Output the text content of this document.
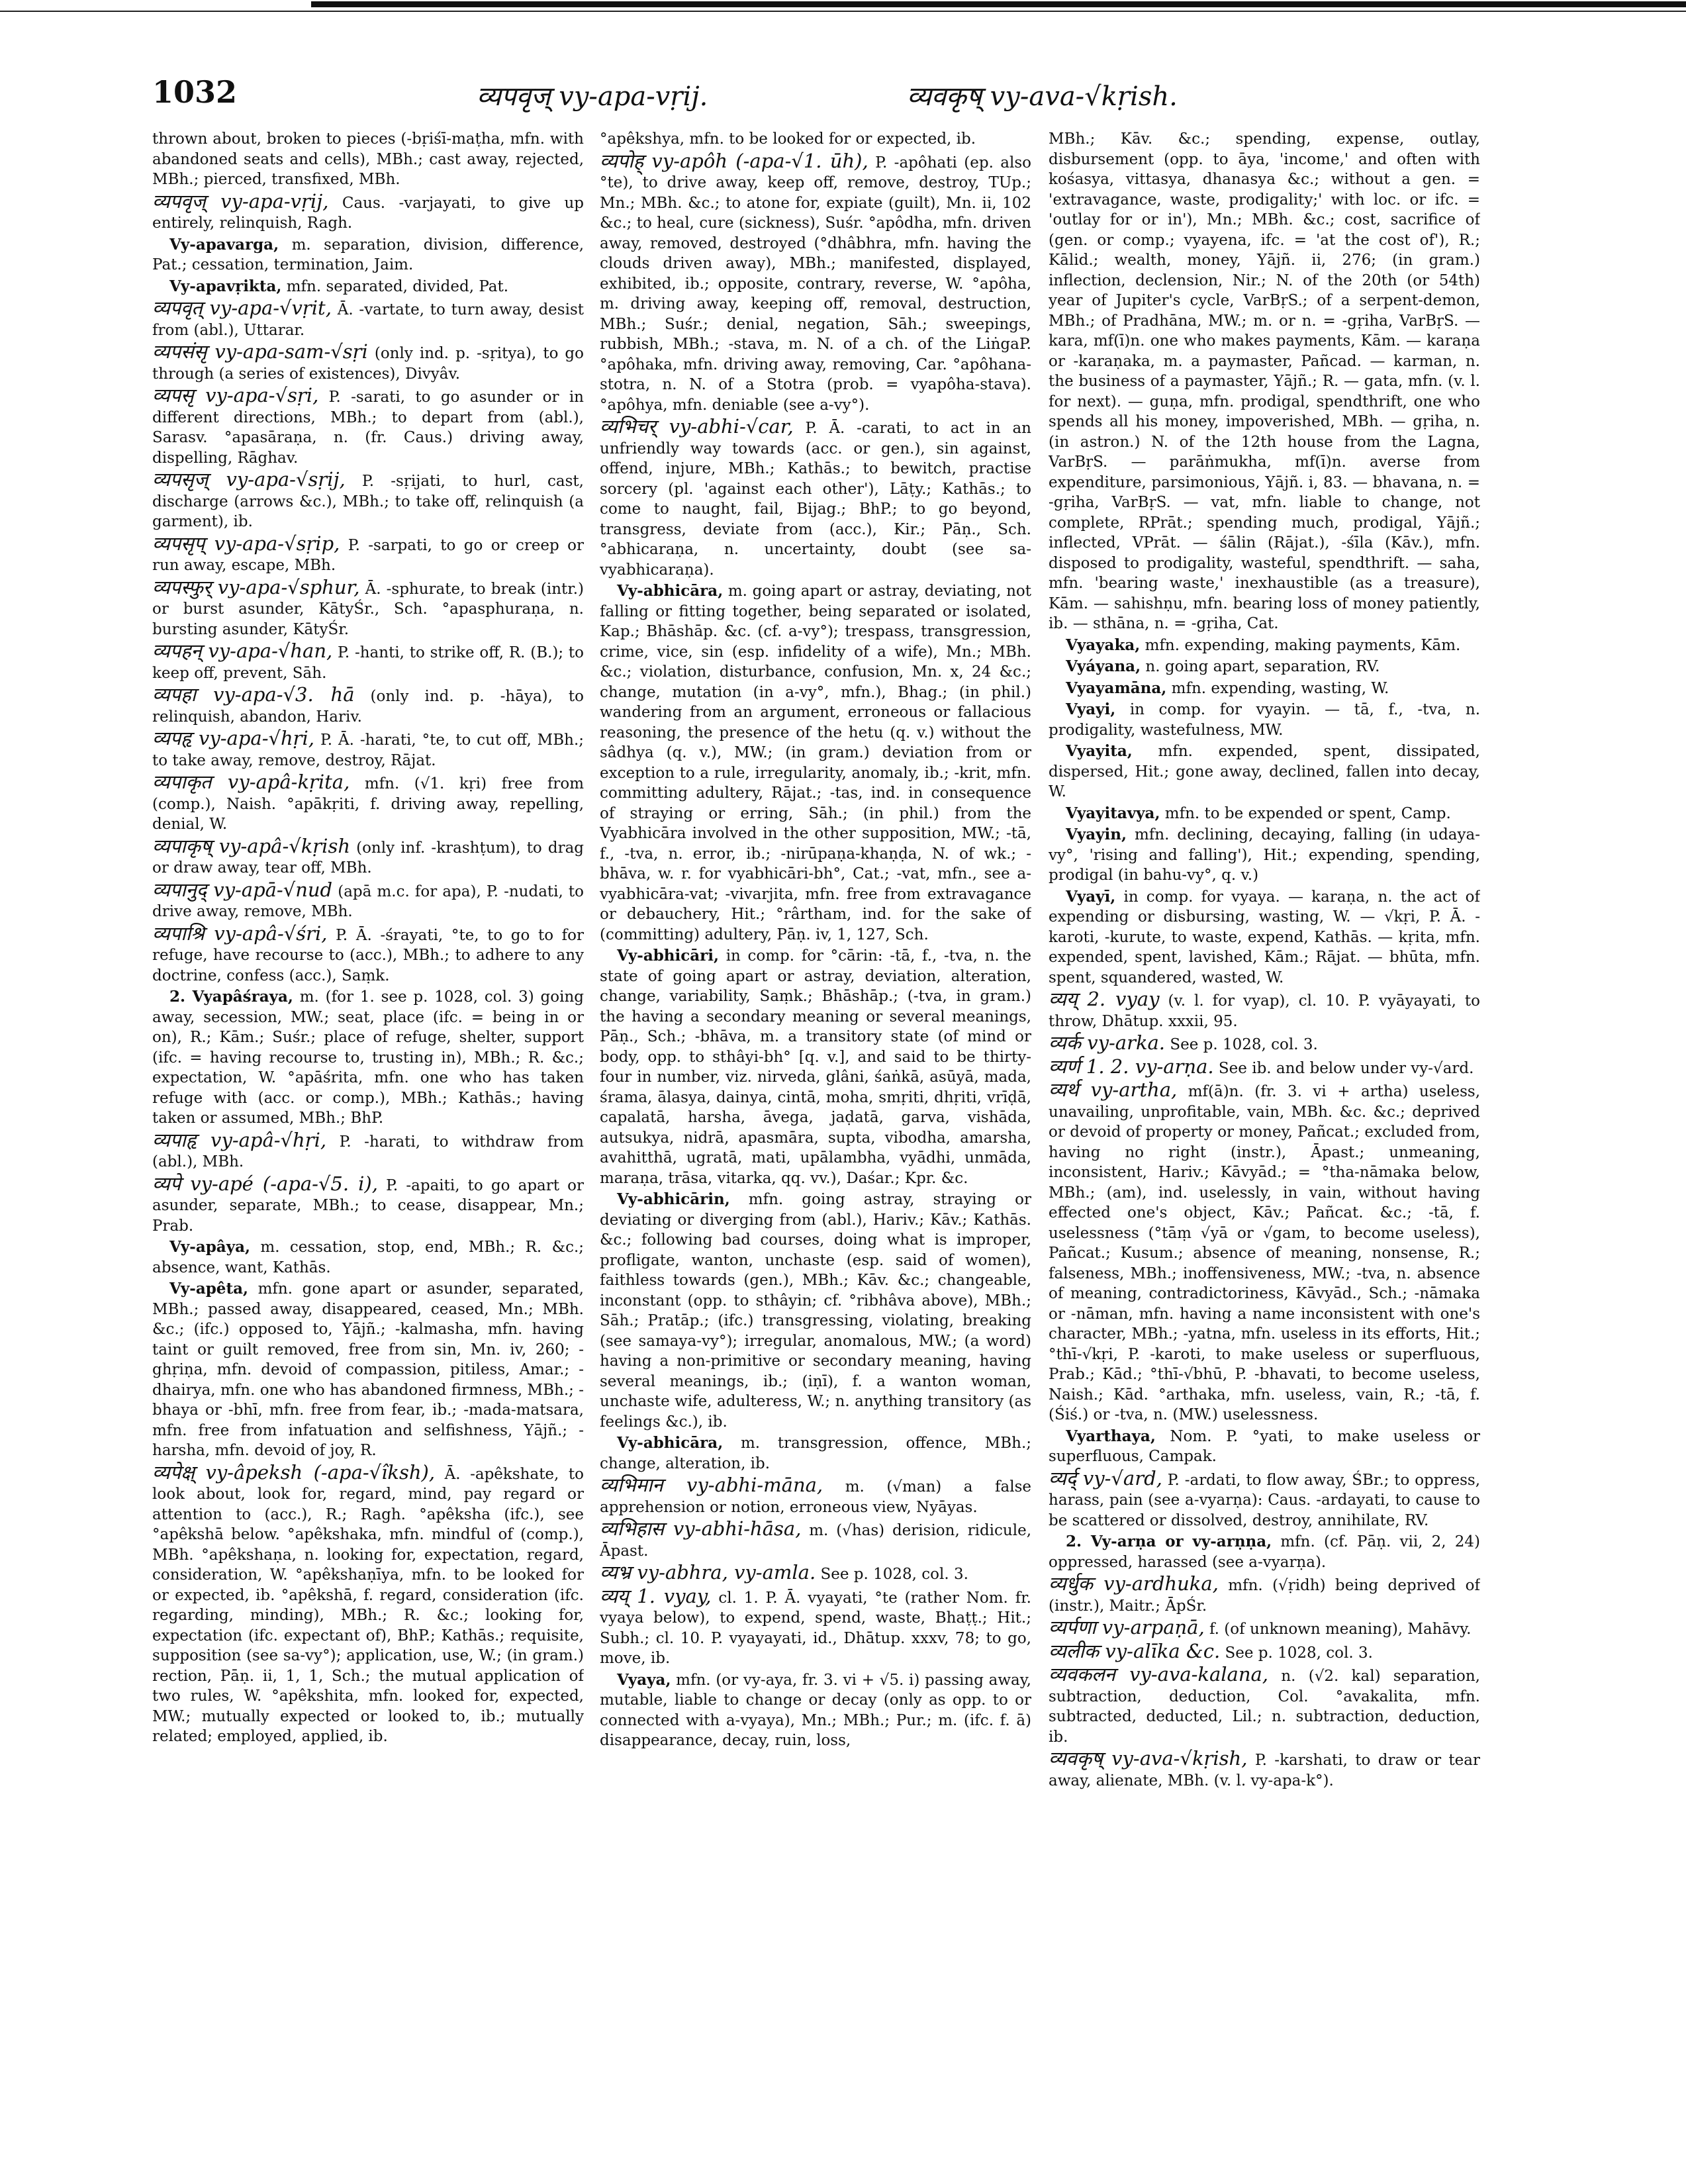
1032	व्यपवृज् vy-apa-vṛij.	व्यवकृष् vy-ava-√kṛish.

thrown about, broken to pieces (-bṛiśī-maṭha, mfn. with abandoned seats and cells), MBh.; cast away, rejected, MBh.; pierced, transfixed, MBh.

व्यपवृज् vy-apa-vṛij, Caus. -varjayati, to give up entirely, relinquish, Ragh.

Vy-apavarga, m. separation, division, difference, Pat.; cessation, termination, Jaim.

Vy-apavṛikta, mfn. separated, divided, Pat.

व्यपवृत् vy-apa-√vṛit, Ā. -vartate, to turn away, desist from (abl.), Uttarar.

व्यपसंसृ vy-apa-sam-√sṛi (only ind. p. -sṛitya), to go through (a series of existences), Divyâv.

व्यपसृ vy-apa-√sṛi, P. -sarati, to go asunder or in different directions, MBh.; to depart from (abl.), Sarasv. °apasāraṇa, n. (fr. Caus.) driving away, dispelling, Rāghav.

व्यपसृज् vy-apa-√sṛij, P. -sṛijati, to hurl, cast, discharge (arrows &c.), MBh.; to take off, relinquish (a garment), ib.

व्यपसृप् vy-apa-√sṛip, P. -sarpati, to go or creep or run away, escape, MBh.

व्यपस्फुर् vy-apa-√sphur, Ā. -sphurate, to break (intr.) or burst asunder, KātyŚr., Sch. °apasphuraṇa, n. bursting asunder, KātyŚr.

व्यपहन् vy-apa-√han, P. -hanti, to strike off, R. (B.); to keep off, prevent, Sāh.

व्यपहा vy-apa-√3. hā (only ind. p. -hāya), to relinquish, abandon, Hariv.

व्यपहृ vy-apa-√hṛi, P. Ā. -harati, °te, to cut off, MBh.; to take away, remove, destroy, Rājat.

व्यपाकृत vy-apâ-kṛita, mfn. (√1. kṛi) free from (comp.), Naish. °apākṛiti, f. driving away, repelling, denial, W.

व्यपाकृष् vy-apâ-√kṛish (only inf. -krashṭum), to drag or draw away, tear off, MBh.

व्यपानुद् vy-apā-√nud (apā m.c. for apa), P. -nudati, to drive away, remove, MBh.

व्यपाश्रि vy-apâ-√śri, P. Ā. -śrayati, °te, to go to for refuge, have recourse to (acc.), MBh.; to adhere to any doctrine, confess (acc.), Saṃk.

2. Vyapâśraya, m. (for 1. see p. 1028, col. 3) going away, secession, MW.; seat, place (ifc. = being in or on), R.; Kām.; Suśr.; place of refuge, shelter, support (ifc. = having recourse to, trusting in), MBh.; R. &c.; expectation, W. °apāśrita, mfn. one who has taken refuge with (acc. or comp.), MBh.; Kathās.; having taken or assumed, MBh.; BhP.

व्यपाहृ vy-apâ-√hṛi, P. -harati, to withdraw from (abl.), MBh.

व्यपे vy-apé (-apa-√5. i), P. -apaiti, to go apart or asunder, separate, MBh.; to cease, disappear, Mn.; Prab.

Vy-apâya, m. cessation, stop, end, MBh.; R. &c.; absence, want, Kathās.

Vy-apêta, mfn. gone apart or asunder, separated, MBh.; passed away, disappeared, ceased, Mn.; MBh. &c.; (ifc.) opposed to, Yājñ.; -kalmasha, mfn. having taint or guilt removed, free from sin, Mn. iv, 260; -ghṛiṇa, mfn. devoid of compassion, pitiless, Amar.; -dhairya, mfn. one who has abandoned firmness, MBh.; -bhaya or -bhī, mfn. free from fear, ib.; -mada-matsara, mfn. free from infatuation and selfishness, Yājñ.; -harsha, mfn. devoid of joy, R.

व्यपेक्ष् vy-âpeksh (-apa-√îksh), Ā. -apêkshate, to look about, look for, regard, mind, pay regard or attention to (acc.), R.; Ragh. °apêksha (ifc.), see °apêkshā below. °apêkshaka, mfn. mindful of (comp.), MBh. °apêkshaṇa, n. looking for, expectation, regard, consideration, W. °apêkshaṇīya, mfn. to be looked for or expected, ib. °apêkshā, f. regard, consideration (ifc. regarding, minding), MBh.; R. &c.; looking for, expectation (ifc. expectant of), BhP.; Kathās.; requisite, supposition (see sa-vy°); application, use, W.; (in gram.) rection, Pāṇ. ii, 1, 1, Sch.; the mutual application of two rules, W. °apêkshita, mfn. looked for, expected, MW.; mutually expected or looked to, ib.; mutually related; employed, applied, ib.

°apêkshya, mfn. to be looked for or expected, ib.

व्यपोह् vy-apôh (-apa-√1. ūh), P. -apôhati (ep. also °te), to drive away, keep off, remove, destroy, TUp.; Mn.; MBh. &c.; to atone for, expiate (guilt), Mn. ii, 102 &c.; to heal, cure (sickness), Suśr. °apôdha, mfn. driven away, removed, destroyed (°dhâbhra, mfn. having the clouds driven away), MBh.; manifested, displayed, exhibited, ib.; opposite, contrary, reverse, W. °apôha, m. driving away, keeping off, removal, destruction, MBh.; Suśr.; denial, negation, Sāh.; sweepings, rubbish, MBh.; -stava, m. N. of a ch. of the LiṅgaP. °apôhaka, mfn. driving away, removing, Car. °apôhana-stotra, n. N. of a Stotra (prob. = vyapôha-stava). °apôhya, mfn. deniable (see a-vy°).

व्यभिचर् vy-abhi-√car, P. Ā. -carati, to act in an unfriendly way towards (acc. or gen.), sin against, offend, injure, MBh.; Kathās.; to bewitch, practise sorcery (pl. 'against each other'), Lāṭy.; Kathās.; to come to naught, fail, Bijag.; BhP.; to go beyond, transgress, deviate from (acc.), Kir.; Pāṇ., Sch. °abhicaraṇa, n. uncertainty, doubt (see sa-vyabhicaraṇa).

Vy-abhicāra, m. going apart or astray, deviating, not falling or fitting together, being separated or isolated, Kap.; Bhāshāp. &c. (cf. a-vy°); trespass, transgression, crime, vice, sin (esp. infidelity of a wife), Mn.; MBh. &c.; violation, disturbance, confusion, Mn. x, 24 &c.; change, mutation (in a-vy°, mfn.), Bhag.; (in phil.) wandering from an argument, erroneous or fallacious reasoning, the presence of the hetu (q. v.) without the sâdhya (q. v.), MW.; (in gram.) deviation from or exception to a rule, irregularity, anomaly, ib.; -krit, mfn. committing adultery, Rājat.; -tas, ind. in consequence of straying or erring, Sāh.; (in phil.) from the Vyabhicāra involved in the other supposition, MW.; -tā, f., -tva, n. error, ib.; -nirūpaṇa-khaṇḍa, N. of wk.; -bhāva, w. r. for vyabhicāri-bh°, Cat.; -vat, mfn., see a-vyabhicāra-vat; -vivarjita, mfn. free from extravagance or debauchery, Hit.; °rârtham, ind. for the sake of (committing) adultery, Pāṇ. iv, 1, 127, Sch.

Vy-abhicāri, in comp. for °cārin: -tā, f., -tva, n. the state of going apart or astray, deviation, alteration, change, variability, Saṃk.; Bhāshāp.; (-tva, in gram.) the having a secondary meaning or several meanings, Pāṇ., Sch.; -bhāva, m. a transitory state (of mind or body, opp. to sthâyi-bh° [q. v.], and said to be thirty-four in number, viz. nirveda, glâni, śaṅkā, asūyā, mada, śrama, ālasya, dainya, cintā, moha, smṛiti, dhṛiti, vrīḍā, capalatā, harsha, āvega, jaḍatā, garva, vishāda, autsukya, nidrā, apasmāra, supta, vibodha, amarsha, avahitthā, ugratā, mati, upālambha, vyādhi, unmāda, maraṇa, trāsa, vitarka, qq. vv.), Daśar.; Kpr. &c.

Vy-abhicārin, mfn. going astray, straying or deviating or diverging from (abl.), Hariv.; Kāv.; Kathās. &c.; following bad courses, doing what is improper, profligate, wanton, unchaste (esp. said of women), faithless towards (gen.), MBh.; Kāv. &c.; changeable, inconstant (opp. to sthâyin; cf. °ribhâva above), MBh.; Sāh.; Pratāp.; (ifc.) transgressing, violating, breaking (see samaya-vy°); irregular, anomalous, MW.; (a word) having a non-primitive or secondary meaning, having several meanings, ib.; (iṇī), f. a wanton woman, unchaste wife, adulteress, W.; n. anything transitory (as feelings &c.), ib.

Vy-abhicāra, m. transgression, offence, MBh.; change, alteration, ib.

व्यभिमान vy-abhi-māna, m. (√man) a false apprehension or notion, erroneous view, Nyāyas.

व्यभिहास vy-abhi-hāsa, m. (√has) derision, ridicule, Āpast.

व्यभ्र vy-abhra, vy-amla. See p. 1028, col. 3.

व्यय् 1. vyay, cl. 1. P. Ā. vyayati, °te (rather Nom. fr. vyaya below), to expend, spend, waste, Bhaṭṭ.; Hit.; Subh.; cl. 10. P. vyayayati, id., Dhātup. xxxv, 78; to go, move, ib.

Vyaya, mfn. (or vy-aya, fr. 3. vi + √5. i) passing away, mutable, liable to change or decay (only as opp. to or connected with a-vyaya), Mn.; MBh.; Pur.; m. (ifc. f. ā) disappearance, decay, ruin, loss,

MBh.; Kāv. &c.; spending, expense, outlay, disbursement (opp. to āya, 'income,' and often with kośasya, vittasya, dhanasya &c.; without a gen. = 'extravagance, waste, prodigality;' with loc. or ifc. = 'outlay for or in'), Mn.; MBh. &c.; cost, sacrifice of (gen. or comp.; vyayena, ifc. = 'at the cost of'), R.; Kālid.; wealth, money, Yājñ. ii, 276; (in gram.) inflection, declension, Nir.; N. of the 20th (or 54th) year of Jupiter's cycle, VarBṛS.; of a serpent-demon, MBh.; of Pradhāna, MW.; m. or n. = -gṛiha, VarBṛS. — kara, mf(ī)n. one who makes payments, Kām. — karaṇa or -karaṇaka, m. a paymaster, Pañcad. — karman, n. the business of a paymaster, Yājñ.; R. — gata, mfn. (v. l. for next). — guṇa, mfn. prodigal, spendthrift, one who spends all his money, impoverished, MBh. — gṛiha, n. (in astron.) N. of the 12th house from the Lagna, VarBṛS. — parāṅmukha, mf(ī)n. averse from expenditure, parsimonious, Yājñ. i, 83. — bhavana, n. = -gṛiha, VarBṛS. — vat, mfn. liable to change, not complete, RPrāt.; spending much, prodigal, Yājñ.; inflected, VPrāt. — śālin (Rājat.), -śīla (Kāv.), mfn. disposed to prodigality, wasteful, spendthrift. — saha, mfn. 'bearing waste,' inexhaustible (as a treasure), Kām. — sahishṇu, mfn. bearing loss of money patiently, ib. — sthāna, n. = -gṛiha, Cat.

Vyayaka, mfn. expending, making payments, Kām.

Vyáyana, n. going apart, separation, RV.

Vyayamāna, mfn. expending, wasting, W.

Vyayi, in comp. for vyayin. — tā, f., -tva, n. prodigality, wastefulness, MW.

Vyayita, mfn. expended, spent, dissipated, dispersed, Hit.; gone away, declined, fallen into decay, W.

Vyayitavya, mfn. to be expended or spent, Camp.

Vyayin, mfn. declining, decaying, falling (in udaya-vy°, 'rising and falling'), Hit.; expending, spending, prodigal (in bahu-vy°, q. v.)

Vyayī, in comp. for vyaya. — karaṇa, n. the act of expending or disbursing, wasting, W. — √kṛi, P. Ā. -karoti, -kurute, to waste, expend, Kathās. — kṛita, mfn. expended, spent, lavished, Kām.; Rājat. — bhūta, mfn. spent, squandered, wasted, W.

व्यय् 2. vyay (v. l. for vyap), cl. 10. P. vyāyayati, to throw, Dhātup. xxxii, 95.

व्यर्क vy-arka. See p. 1028, col. 3.

व्यर्ण 1. 2. vy-arṇa. See ib. and below under vy-√ard.

व्यर्थ vy-artha, mf(ā)n. (fr. 3. vi + artha) useless, unavailing, unprofitable, vain, MBh. &c. &c.; deprived or devoid of property or money, Pañcat.; excluded from, having no right (instr.), Āpast.; unmeaning, inconsistent, Hariv.; Kāvyād.; = °tha-nāmaka below, MBh.; (am), ind. uselessly, in vain, without having effected one's object, Kāv.; Pañcat. &c.; -tā, f. uselessness (°tāṃ √yā or √gam, to become useless), Pañcat.; Kusum.; absence of meaning, nonsense, R.; falseness, MBh.; inoffensiveness, MW.; -tva, n. absence of meaning, contradictoriness, Kāvyād., Sch.; -nāmaka or -nāman, mfn. having a name inconsistent with one's character, MBh.; -yatna, mfn. useless in its efforts, Hit.; °thī-√kṛi, P. -karoti, to make useless or superfluous, Prab.; Kād.; °thī-√bhū, P. -bhavati, to become useless, Naish.; Kād. °arthaka, mfn. useless, vain, R.; -tā, f. (Śiś.) or -tva, n. (MW.) uselessness.

Vyarthaya, Nom. P. °yati, to make useless or superfluous, Campak.

व्यर्द् vy-√ard, P. -ardati, to flow away, ŚBr.; to oppress, harass, pain (see a-vyarṇa): Caus. -ardayati, to cause to be scattered or dissolved, destroy, annihilate, RV.

2. Vy-arṇa or vy-arṇṇa, mfn. (cf. Pāṇ. vii, 2, 24) oppressed, harassed (see a-vyarṇa).

व्यर्धुक vy-ardhuka, mfn. (√ṛidh) being deprived of (instr.), Maitr.; ĀpŚr.

व्यर्पणा vy-arpaṇā, f. (of unknown meaning), Mahāvy.

व्यलीक vy-alīka &c. See p. 1028, col. 3.

व्यवकलन vy-ava-kalana, n. (√2. kal) separation, subtraction, deduction, Col. °avakalita, mfn. subtracted, deducted, Lil.; n. subtraction, deduction, ib.

व्यवकृष् vy-ava-√kṛish, P. -karshati, to draw or tear away, alienate, MBh. (v. l. vy-apa-k°).
